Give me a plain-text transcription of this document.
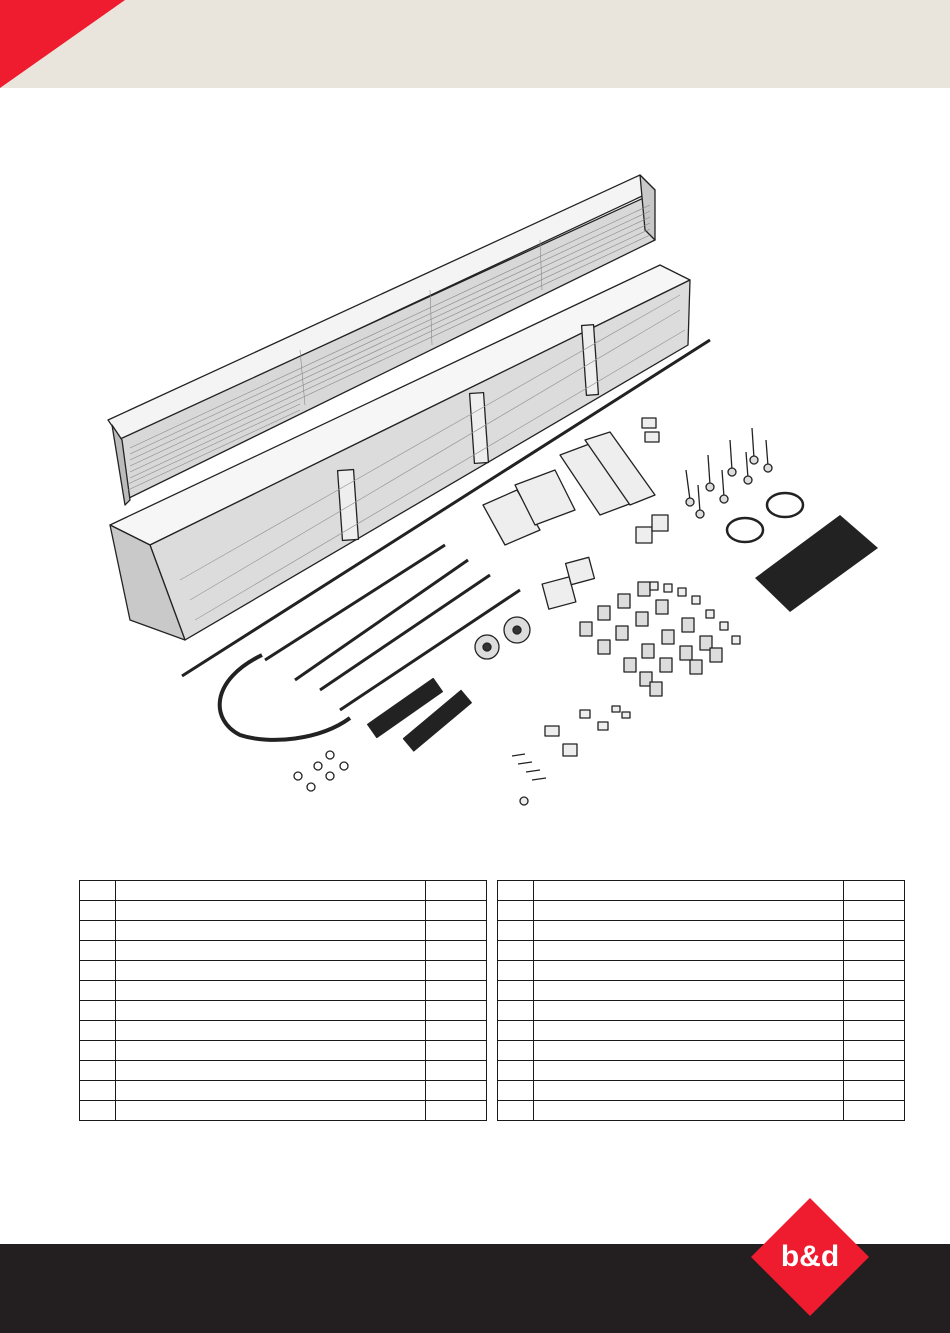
b&d
